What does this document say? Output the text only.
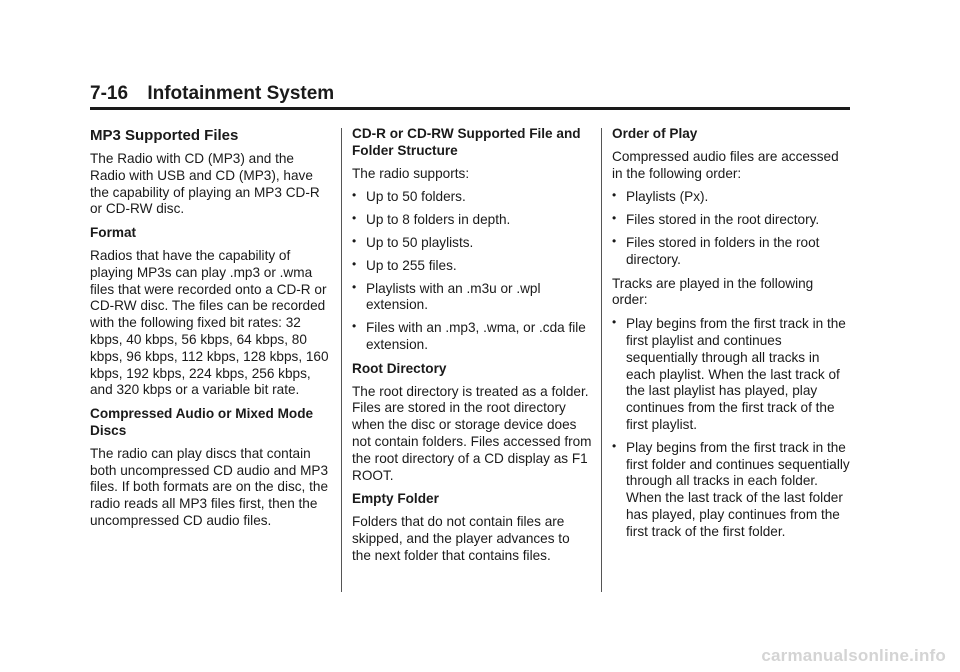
7-16 Infotainment System
MP3 Supported Files

The Radio with CD (MP3) and the Radio with USB and CD (MP3), have the capability of playing an MP3 CD-R or CD-RW disc.

Format

Radios that have the capability of playing MP3s can play .mp3 or .wma files that were recorded onto a CD-R or CD-RW disc. The files can be recorded with the following fixed bit rates: 32 kbps, 40 kbps, 56 kbps, 64 kbps, 80 kbps, 96 kbps, 112 kbps, 128 kbps, 160 kbps, 192 kbps, 224 kbps, 256 kbps, and 320 kbps or a variable bit rate.

Compressed Audio or Mixed Mode Discs

The radio can play discs that contain both uncompressed CD audio and MP3 files. If both formats are on the disc, the radio reads all MP3 files first, then the uncompressed CD audio files.

CD-R or CD-RW Supported File and Folder Structure

The radio supports:

• Up to 50 folders.
• Up to 8 folders in depth.
• Up to 50 playlists.
• Up to 255 files.
• Playlists with an .m3u or .wpl extension.
• Files with an .mp3, .wma, or .cda file extension.
Root Directory

The root directory is treated as a folder. Files are stored in the root directory when the disc or storage device does not contain folders. Files accessed from the root directory of a CD display as F1 ROOT.

Empty Folder

Folders that do not contain files are skipped, and the player advances to the next folder that contains files.

Order of Play

Compressed audio files are accessed in the following order:

• Playlists (Px).
• Files stored in the root directory.
• Files stored in folders in the root directory.

Tracks are played in the following order:

• Play begins from the first track in the first playlist and continues sequentially through all tracks in each playlist. When the last track of the last playlist has played, play continues from the first track of the first playlist.
• Play begins from the first track in the first folder and continues sequentially through all tracks in each folder. When the last track of the last folder has played, play continues from the first track of the first folder.
carmanualsonline.info
